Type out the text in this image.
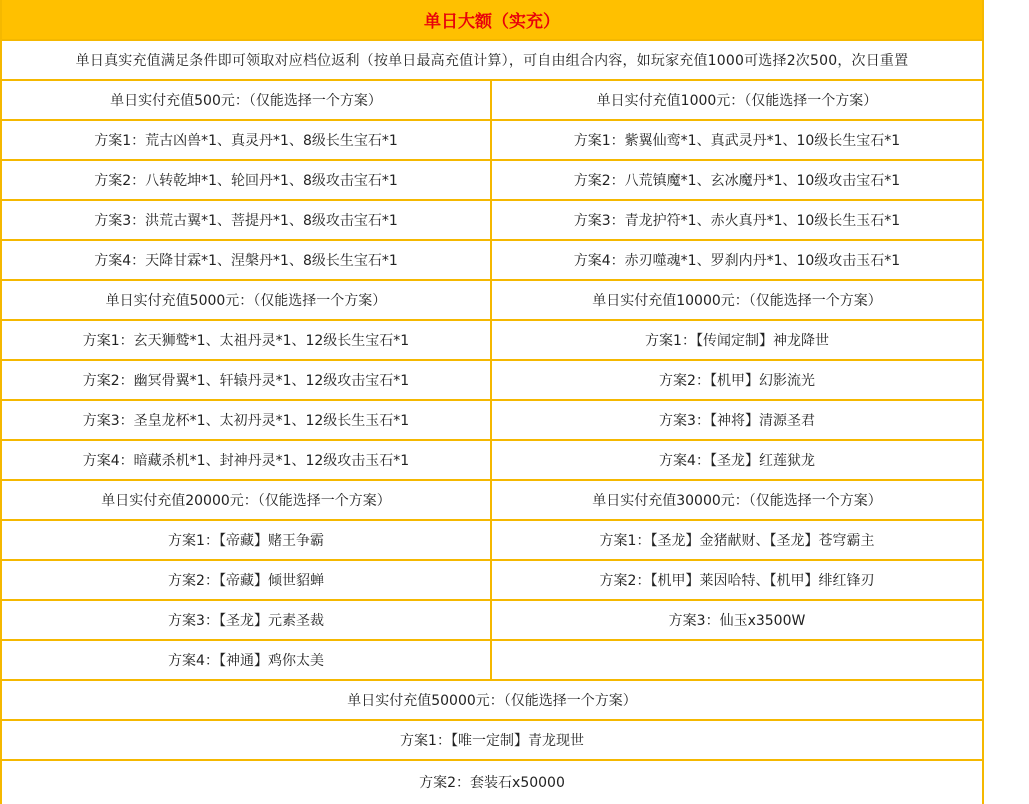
单日大额（实充）
单日真实充值满足条件即可领取对应档位返利（按单日最高充值计算），可自由组合内容，如玩家充值1000可选择2次500，次日重置
单日实付充值500元：（仅能选择一个方案）	单日实付充值1000元：（仅能选择一个方案）
方案1：荒古凶兽*1、真灵丹*1、8级长生宝石*1	方案1：紫翼仙鸾*1、真武灵丹*1、10级长生宝石*1
方案2：八转乾坤*1、轮回丹*1、8级攻击宝石*1	方案2：八荒镇魔*1、玄冰魔丹*1、10级攻击宝石*1
方案3：洪荒古翼*1、菩提丹*1、8级攻击宝石*1	方案3：青龙护符*1、赤火真丹*1、10级长生玉石*1
方案4：天降甘霖*1、涅槃丹*1、8级长生宝石*1	方案4：赤刃噬魂*1、罗刹内丹*1、10级攻击玉石*1
单日实付充值5000元：（仅能选择一个方案）	单日实付充值10000元：（仅能选择一个方案）
方案1：玄天狮鹫*1、太祖丹灵*1、12级长生宝石*1	方案1：【传闻定制】神龙降世
方案2：幽冥骨翼*1、轩辕丹灵*1、12级攻击宝石*1	方案2：【机甲】幻影流光
方案3：圣皇龙杯*1、太初丹灵*1、12级长生玉石*1	方案3：【神将】清源圣君
方案4：暗藏杀机*1、封神丹灵*1、12级攻击玉石*1	方案4：【圣龙】红莲狱龙
单日实付充值20000元：（仅能选择一个方案）	单日实付充值30000元：（仅能选择一个方案）
方案1：【帝藏】赌王争霸	方案1：【圣龙】金猪献财、【圣龙】苍穹霸主
方案2：【帝藏】倾世貂蝉	方案2：【机甲】莱因哈特、【机甲】绯红锋刃
方案3：【圣龙】元素圣裁	方案3：仙玉x3500W
方案4：【神通】鸡你太美
单日实付充值50000元：（仅能选择一个方案）
方案1：【唯一定制】青龙现世
方案2：套装石x50000
